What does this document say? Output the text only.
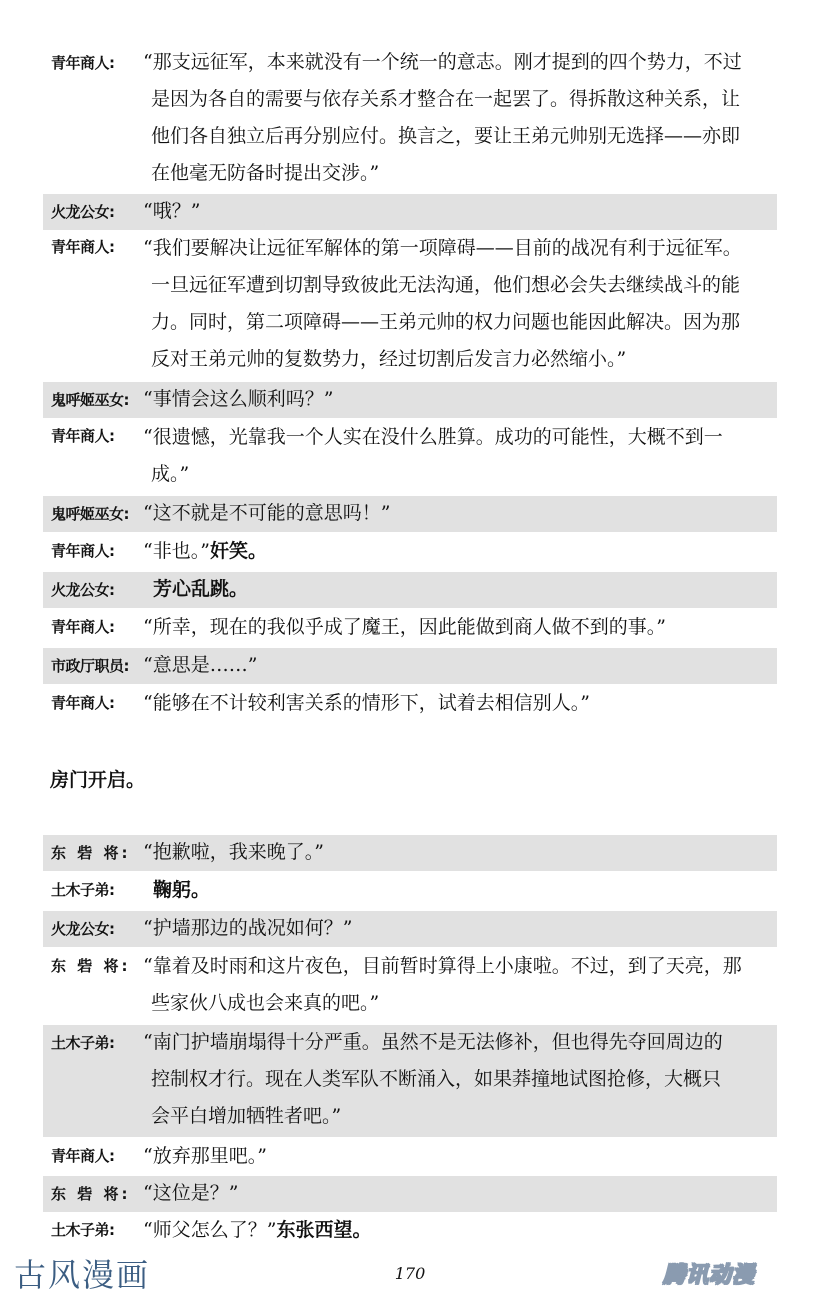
青年商人: “那支远征军，本来就没有一个统一的意志。刚才提到的四个势力，不过
是因为各自的需要与依存关系才整合在一起罢了。得拆散这种关系，让
他们各自独立后再分别应付。换言之，要让王弟元帅别无选择——亦即
在他毫无防备时提出交涉。”
火龙公女: “哦？”
青年商人: “我们要解决让远征军解体的第一项障碍——目前的战况有利于远征军。
一旦远征军遭到切割导致彼此无法沟通，他们想必会失去继续战斗的能
力。同时，第二项障碍——王弟元帅的权力问题也能因此解决。因为那
反对王弟元帅的复数势力，经过切割后发言力必然缩小。”
鬼呼姬巫女: “事情会这么顺利吗？”
青年商人: “很遗憾，光靠我一个人实在没什么胜算。成功的可能性，大概不到一
成。”
鬼呼姬巫女: “这不就是不可能的意思吗！”
青年商人: “非也。”奸笑。
火龙公女:	芳心乱跳。
青年商人: “所幸，现在的我似乎成了魔王，因此能做到商人做不到的事。”
市政厅职员: “意思是……”
青年商人: “能够在不计较利害关系的情形下，试着去相信别人。”
房门开启。
东 砦 将: “抱歉啦，我来晚了。”
土木子弟:	鞠躬。
火龙公女: “护墙那边的战况如何？”
东 砦 将: “靠着及时雨和这片夜色，目前暂时算得上小康啦。不过，到了天亮，那
些家伙八成也会来真的吧。”
土木子弟: “南门护墙崩塌得十分严重。虽然不是无法修补，但也得先夺回周边的
控制权才行。现在人类军队不断涌入，如果莽撞地试图抢修，大概只
会平白增加牺牲者吧。”
青年商人: “放弃那里吧。”
东 砦 将: “这位是？”
土木子弟: “师父怎么了？”东张西望。
古风漫画	170	腾讯动漫
